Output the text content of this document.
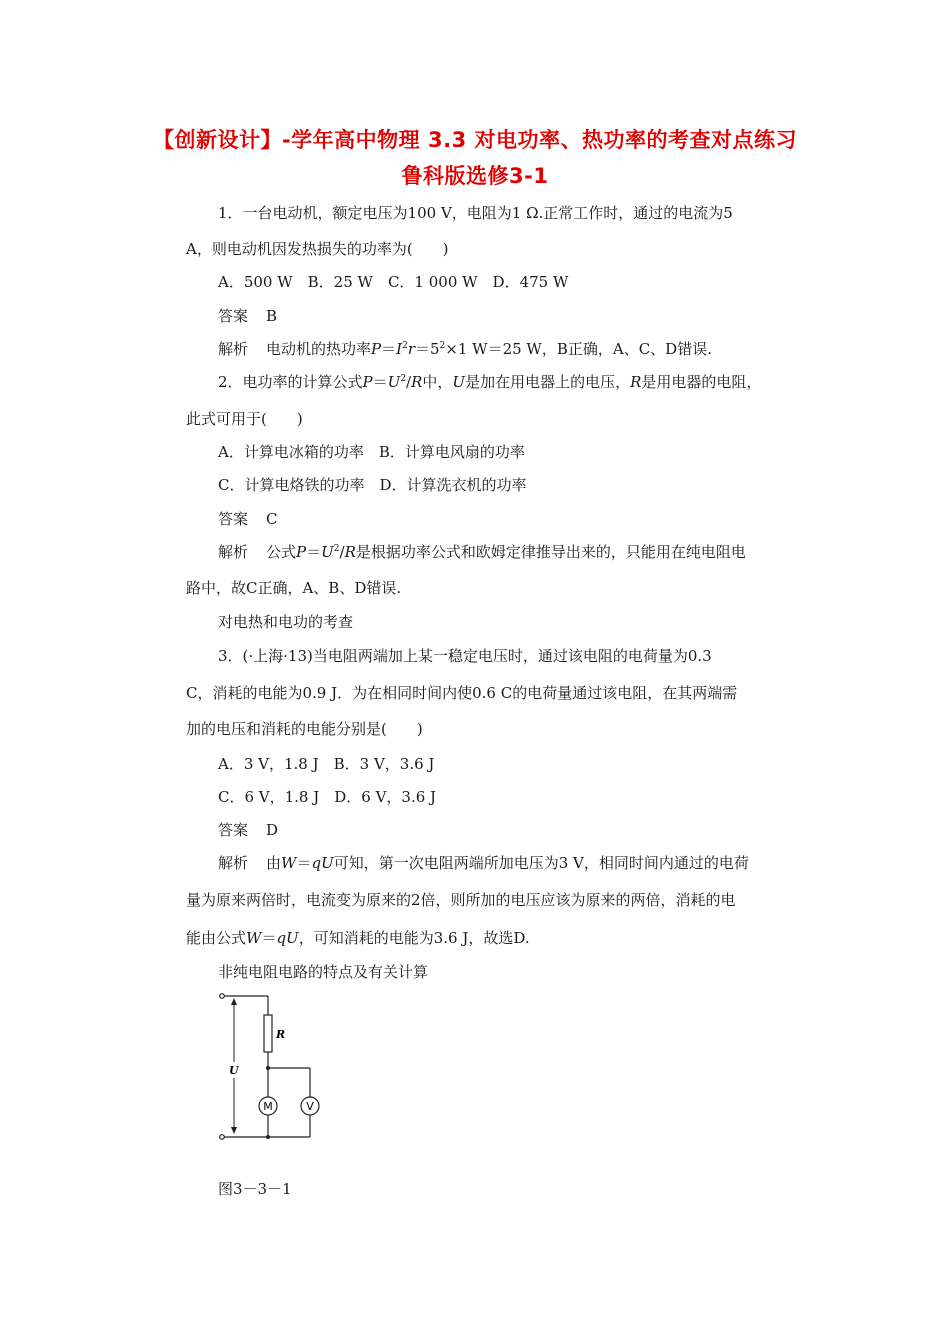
【创新设计】-学年高中物理 3.3 对电功率、热功率的考查对点练习
鲁科版选修3-1
1．一台电动机，额定电压为100 V，电阻为1 Ω.正常工作时，通过的电流为5
A，则电动机因发热损失的功率为(　　)
A．500 W　B．25 W　C．1 000 W　D．475 W
答案 B
解析 电动机的热功率$P=I^2r=5^2\times 1$ W＝25 W，B正确，A、C、D错误.
2．电功率的计算公式$P=U^2/R$中，U是加在用电器上的电压，R是用电器的电阻，
此式可用于(　　)
A．计算电冰箱的功率　B．计算电风扇的功率
C．计算电烙铁的功率　D．计算洗衣机的功率
答案 C
解析 公式$P=U^2/R$是根据功率公式和欧姆定律推导出来的，只能用在纯电阻电
路中，故C正确，A、B、D错误.
对电热和电功的考查
3．(·上海·13)当电阻两端加上某一稳定电压时，通过该电阻的电荷量为0.3
C，消耗的电能为0.9 J．为在相同时间内使0.6 C的电荷量通过该电阻，在其两端需
加的电压和消耗的电能分别是(　　)
A．3 V，1.8 J　B．3 V，3.6 J
C．6 V，1.8 J　D．6 V，3.6 J
答案 D
解析 由W＝qU可知，第一次电阻两端所加电压为3 V，相同时间内通过的电荷
量为原来两倍时，电流变为原来的2倍，则所加的电压应该为原来的两倍，消耗的电
能由公式W＝qU，可知消耗的电能为3.6 J，故选D.
非纯电阻电路的特点及有关计算
U
R
M	V
图3－3－1
